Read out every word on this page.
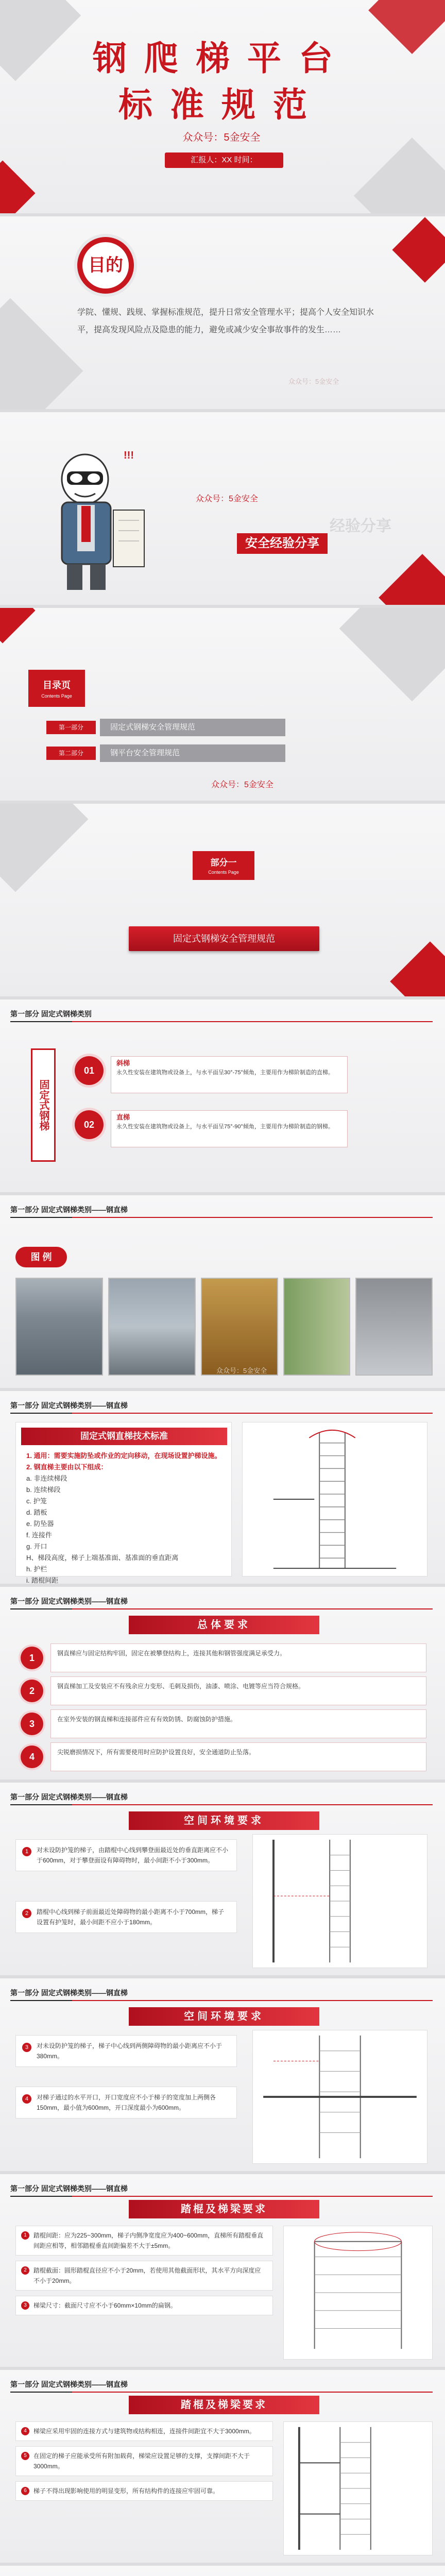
钢爬梯平台
标准规范
众众号：5金安全
汇报人：XX 时间：
目的
学院、懂规、践规、掌握标准规范，提升日常安全管理水平；提高个人安全知识水平，提高发现风险点及隐患的能力，避免或减少安全事故事件的发生……
众众号：5金安全
!!!
众众号：5金安全
经验分享
安全经验分享
目录页
Contents Page
第一部分	固定式钢梯安全管理规范
第二部分	钢平台安全管理规范
众众号：5金安全
部分一
Contents Page
固定式钢梯安全管理规范
第一部分 固定式钢梯类别
固定式钢梯
01
斜梯
永久性安装在建筑物或设备上，与水平面呈30°-75°倾角，主要用作为梯阶制造的直梯。
02
直梯
永久性安装在建筑物或设备上，与水平面呈75°-90°倾角，主要用作为梯阶制造的钢梯。
第一部分 固定式钢梯类别——钢直梯
图 例
众众号：5金安全
第一部分 固定式钢梯类别——钢直梯
固定式钢直梯技术标准
1. 通用：需要实施防坠或作业的定向移动，在现场设置护梯设施。
2. 钢直梯主要由以下组成：
a. 非连续梯段
b. 连续梯段
c. 护笼
d. 踏板
e. 防坠器
f. 连接件
g. 开口
H、梯段高度，梯子上端基准面、基准面的垂直距离
h. 护栏
i. 踏棍间距
第一部分 固定式钢梯类别——钢直梯
总体要求
1	钢直梯应与固定结构牢固，固定在被攀登结构上，连接其他和钢管强度满足承受力。
2	钢直梯加工及安装应不有残余应力变形、毛刺及损伤，油漆、喷涂、电镀等应当符合规格。
3	在室外安装的钢直梯和连接部件应有有效防锈、防腐蚀防护措施。
4	尖锐磨损情况下，所有需要使用时应防护设置良好，安全通道防止坠落。
第一部分 固定式钢梯类别——钢直梯
空间环境要求
1	对未设防护笼的梯子，由踏棍中心线到攀登面最近处的垂直距离应不小于600mm，对于攀登面设有障碍物时，最小间距不小于300mm。
2	踏棍中心线到梯子前面最近处障碍物的最小距离不小于700mm，梯子设置有护笼时，最小间距不应小于180mm。
第一部分 固定式钢梯类别——钢直梯
空间环境要求
3	对未设防护笼的梯子，梯子中心线到两侧障碍物的最小距离应不小于380mm。
4	对梯子通过的水平开口，开口宽度应不小于梯子的宽度加上两侧各150mm，最小值为600mm，开口深度最小为600mm。
第一部分 固定式钢梯类别——钢直梯
踏棍及梯梁要求
1	踏棍间距：应为225~300mm，梯子内侧净宽度应为400~600mm，直梯所有踏棍垂直间距应相等，相邻踏棍垂直间距偏差不大于±5mm。
2	踏棍截面：圆形踏棍直径应不小于20mm，若使用其他截面形状，其水平方向深度应不小于20mm。
3	梯梁尺寸：截面尺寸应不小于60mm×10mm的扁钢。
第一部分 固定式钢梯类别——钢直梯
踏棍及梯梁要求
4	梯梁应采用牢固的连接方式与建筑物或结构相连，连接件间距宜不大于3000mm。
5	在固定的梯子应能承受所有附加载荷，梯梁应设置足够的支撑，支撑间距不大于3000mm。
6	梯子不得出现影响使用的明显变形，所有结构件的连接应牢固可靠。
